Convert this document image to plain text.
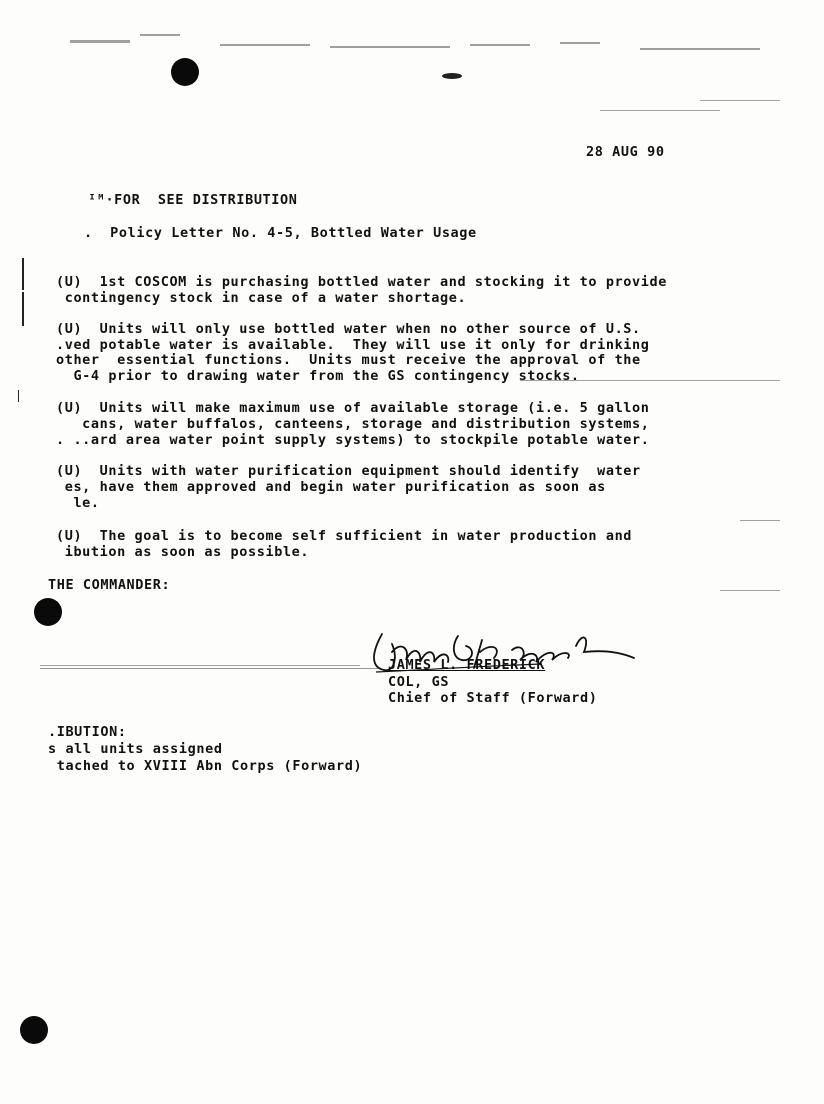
28 AUG 90
ᴵᴹ·FOR  SEE DISTRIBUTION
.  Policy Letter No. 4-5, Bottled Water Usage
(U)  1st COSCOM is purchasing bottled water and stocking it to provide
contingency stock in case of a water shortage.
(U)  Units will only use bottled water when no other source of U.S.
.ved potable water is available.  They will use it only for drinking
other  essential functions.  Units must receive the approval of the
G-4 prior to drawing water from the GS contingency stocks.
(U)  Units will make maximum use of available storage (i.e. 5 gallon
cans, water buffalos, canteens, storage and distribution systems,
. ..ard area water point supply systems) to stockpile potable water.
(U)  Units with water purification equipment should identify  water
es, have them approved and begin water purification as soon as
le.
(U)  The goal is to become self sufficient in water production and
ibution as soon as possible.
THE COMMANDER:
JAMES L. FREDERICK
COL, GS
Chief of Staff (Forward)
.IBUTION:
s all units assigned
tached to XVIII Abn Corps (Forward)
